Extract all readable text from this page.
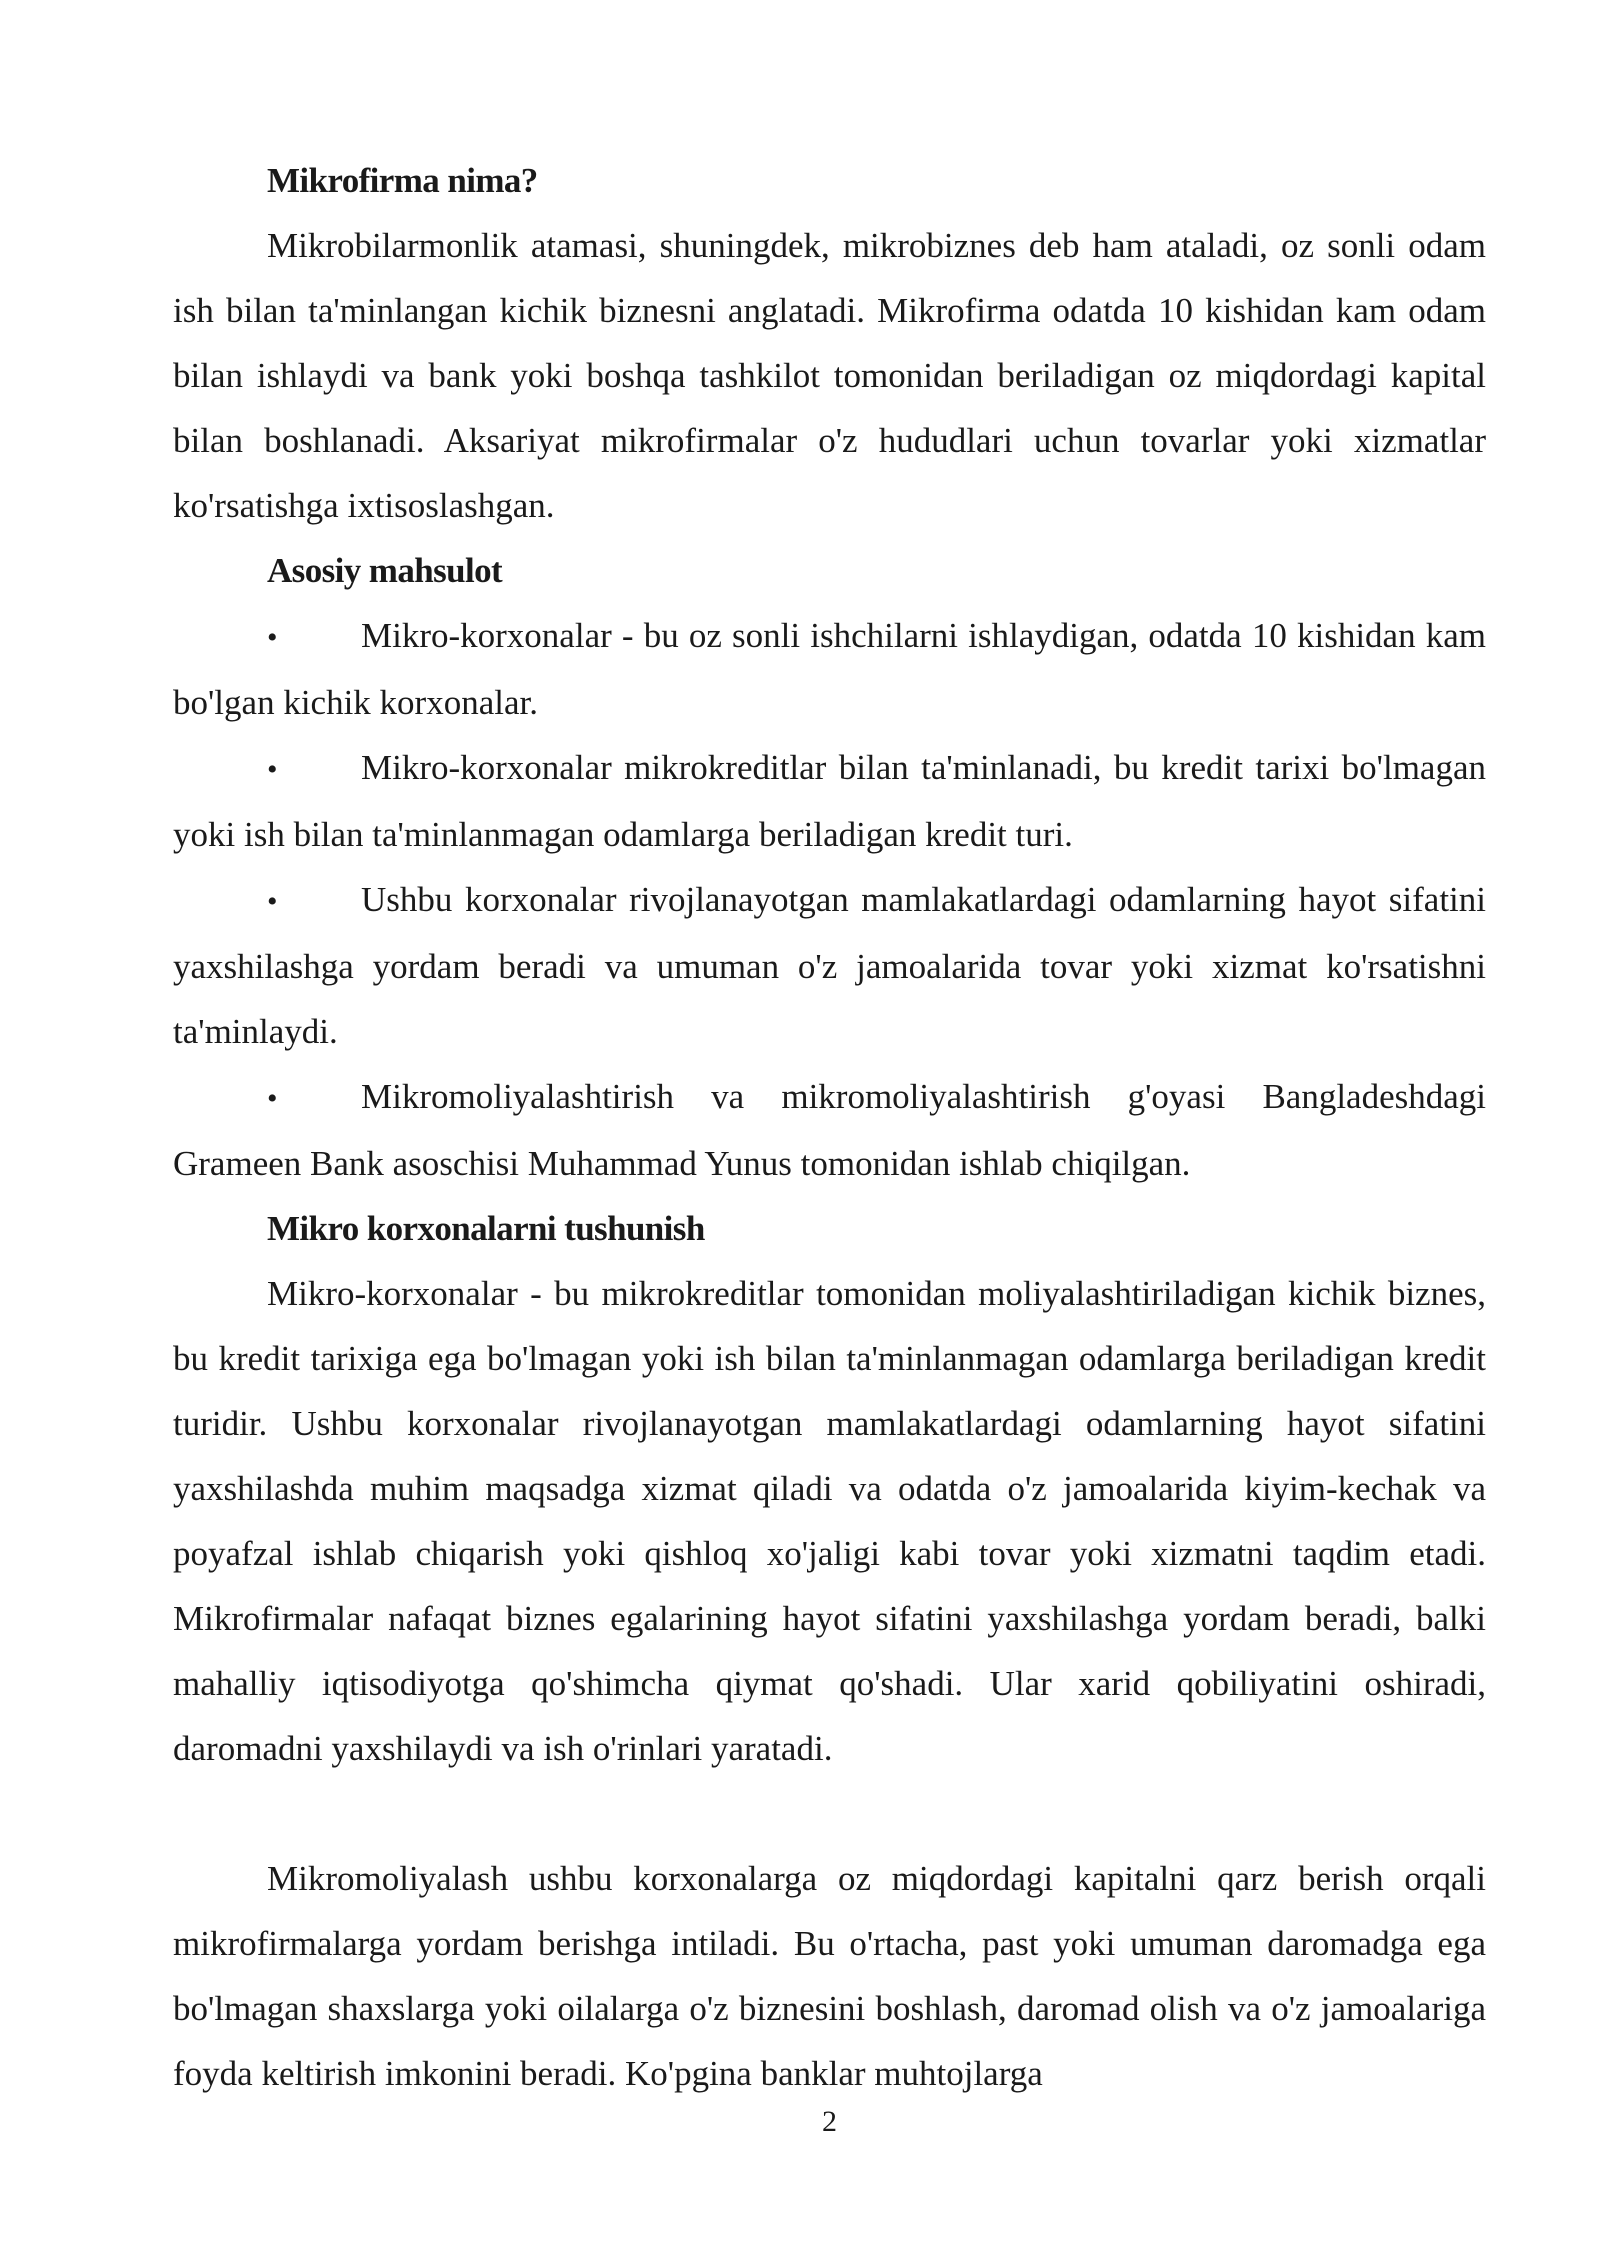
Mikrofirma nima?

Mikrobilarmonlik atamasi, shuningdek, mikrobiznes deb ham ataladi, oz sonli odam ish bilan ta'minlangan kichik biznesni anglatadi. Mikrofirma odatda 10 kishidan kam odam bilan ishlaydi va bank yoki boshqa tashkilot tomonidan beriladigan oz miqdordagi kapital bilan boshlanadi. Aksariyat mikrofirmalar o'z hududlari uchun tovarlar yoki xizmatlar ko'rsatishga ixtisoslashgan.

Asosiy mahsulot

• Mikro-korxonalar - bu oz sonli ishchilarni ishlaydigan, odatda 10 kishidan kam bo'lgan kichik korxonalar.

• Mikro-korxonalar mikrokreditlar bilan ta'minlanadi, bu kredit tarixi bo'lmagan yoki ish bilan ta'minlanmagan odamlarga beriladigan kredit turi.

• Ushbu korxonalar rivojlanayotgan mamlakatlardagi odamlarning hayot sifatini yaxshilashga yordam beradi va umuman o'z jamoalarida tovar yoki xizmat ko'rsatishni ta'minlaydi.

• Mikromoliyalashtirish va mikromoliyalashtirish g'oyasi Bangladeshdagi Grameen Bank asoschisi Muhammad Yunus tomonidan ishlab chiqilgan.

Mikro korxonalarni tushunish

Mikro-korxonalar - bu mikrokreditlar tomonidan moliyalashtiriladigan kichik biznes, bu kredit tarixiga ega bo'lmagan yoki ish bilan ta'minlanmagan odamlarga beriladigan kredit turidir. Ushbu korxonalar rivojlanayotgan mamlakatlardagi odamlarning hayot sifatini yaxshilashda muhim maqsadga xizmat qiladi va odatda o'z jamoalarida kiyim-kechak va poyafzal ishlab chiqarish yoki qishloq xo'jaligi kabi tovar yoki xizmatni taqdim etadi. Mikrofirmalar nafaqat biznes egalarining hayot sifatini yaxshilashga yordam beradi, balki mahalliy iqtisodiyotga qo'shimcha qiymat qo'shadi. Ular xarid qobiliyatini oshiradi, daromadni yaxshilaydi va ish o'rinlari yaratadi.

Mikromoliyalash ushbu korxonalarga oz miqdordagi kapitalni qarz berish orqali mikrofirmalarga yordam berishga intiladi. Bu o'rtacha, past yoki umuman daromadga ega bo'lmagan shaxslarga yoki oilalarga o'z biznesini boshlash, daromad olish va o'z jamoalariga foyda keltirish imkonini beradi. Ko'pgina banklar muhtojlarga

2
